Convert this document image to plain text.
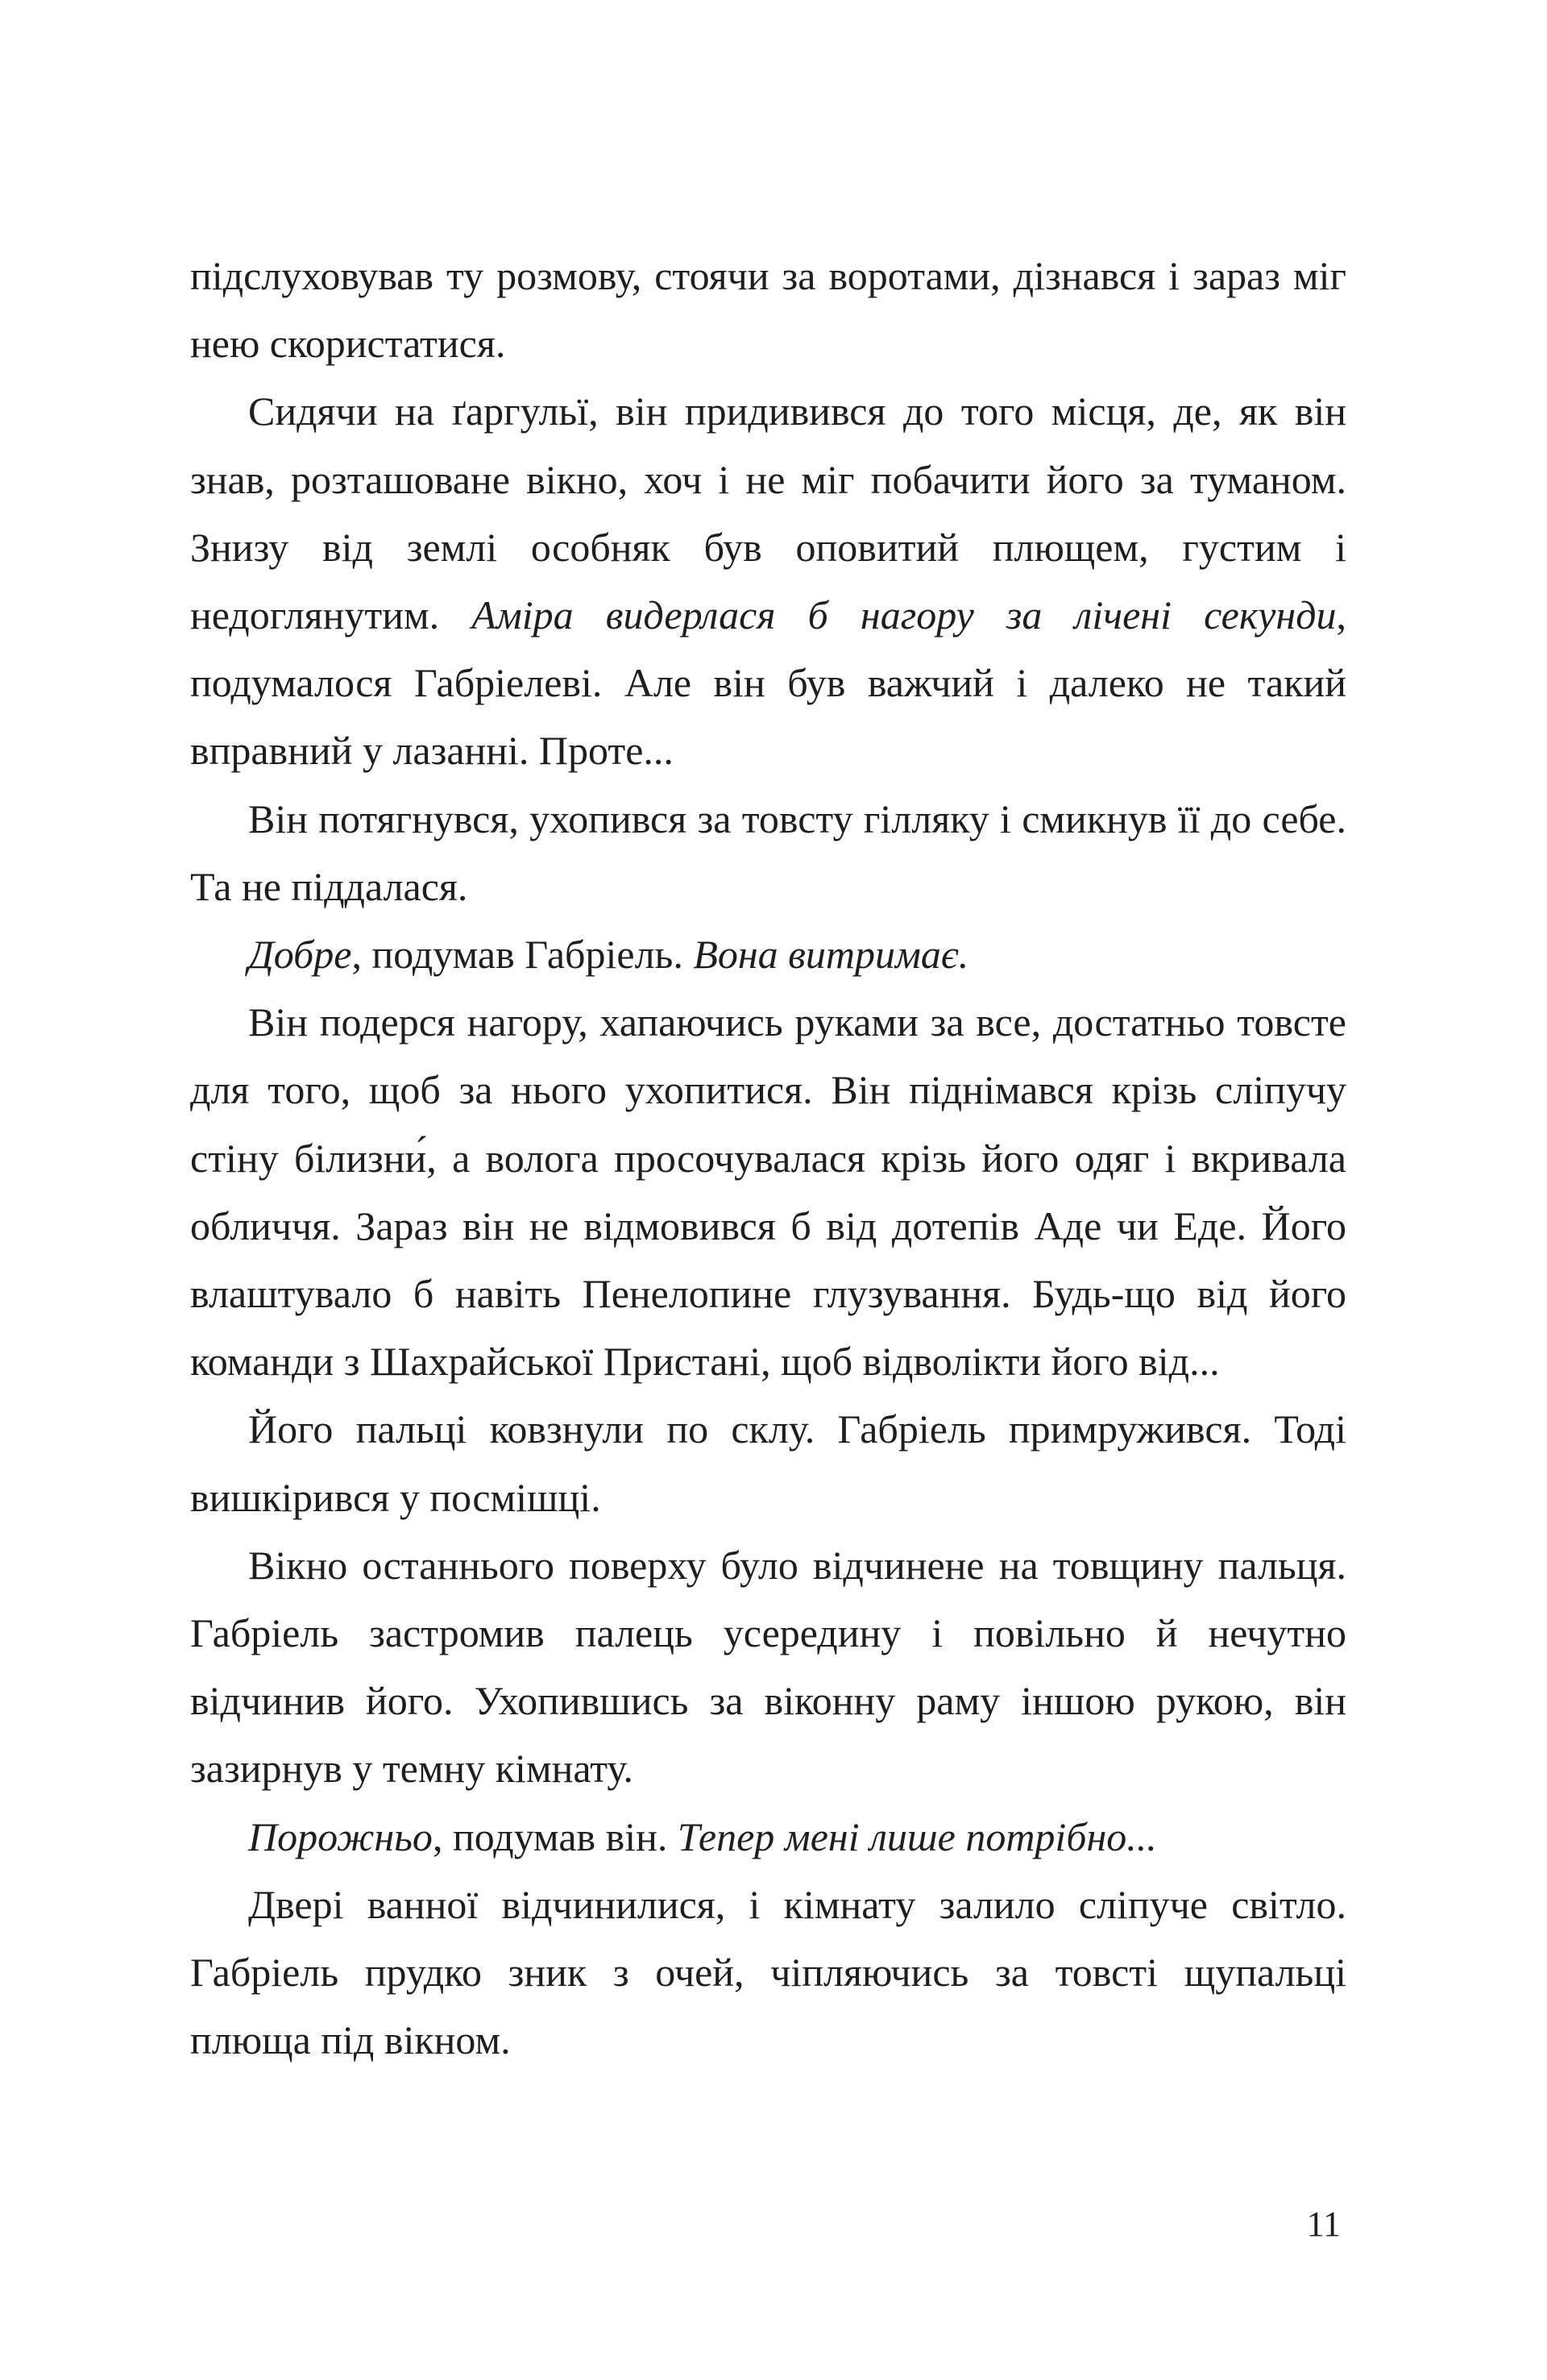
підслуховував ту розмову, стоячи за воротами, дізнався і зараз міг нею скористатися.

Сидячи на ґаргульї, він придивився до того місця, де, як він знав, розташоване вікно, хоч і не міг побачити його за туманом. Знизу від землі особняк був оповитий плющем, густим і недоглянутим. Аміра видерлася б нагору за лічені секунди, подумалося Габріелеві. Але він був важчий і далеко не такий вправний у лазанні. Проте...

Він потягнувся, ухопився за товсту гілляку і смикнув її до себе. Та не піддалася.

Добре, подумав Габріель. Вона витримає.

Він подерся нагору, хапаючись руками за все, достатньо товсте для того, щоб за нього ухопитися. Він піднімався крізь сліпучу стіну білизни́, а волога просочувалася крізь його одяг і вкривала обличчя. Зараз він не відмовився б від дотепів Аде чи Еде. Його влаштувало б навіть Пенелопине глузування. Будь-що від його команди з Шахрайської Пристані, щоб відволікти його від...

Його пальці ковзнули по склу. Габріель примружився. Тоді вишкірився у посмішці.

Вікно останнього поверху було відчинене на товщину пальця. Габріель застромив палець усередину і повільно й нечутно відчинив його. Ухопившись за віконну раму іншою рукою, він зазирнув у темну кімнату.

Порожньо, подумав він. Тепер мені лише потрібно...

Двері ванної відчинилися, і кімнату залило сліпуче світло. Габріель прудко зник з очей, чіпляючись за товсті щупальці плюща під вікном.

11
